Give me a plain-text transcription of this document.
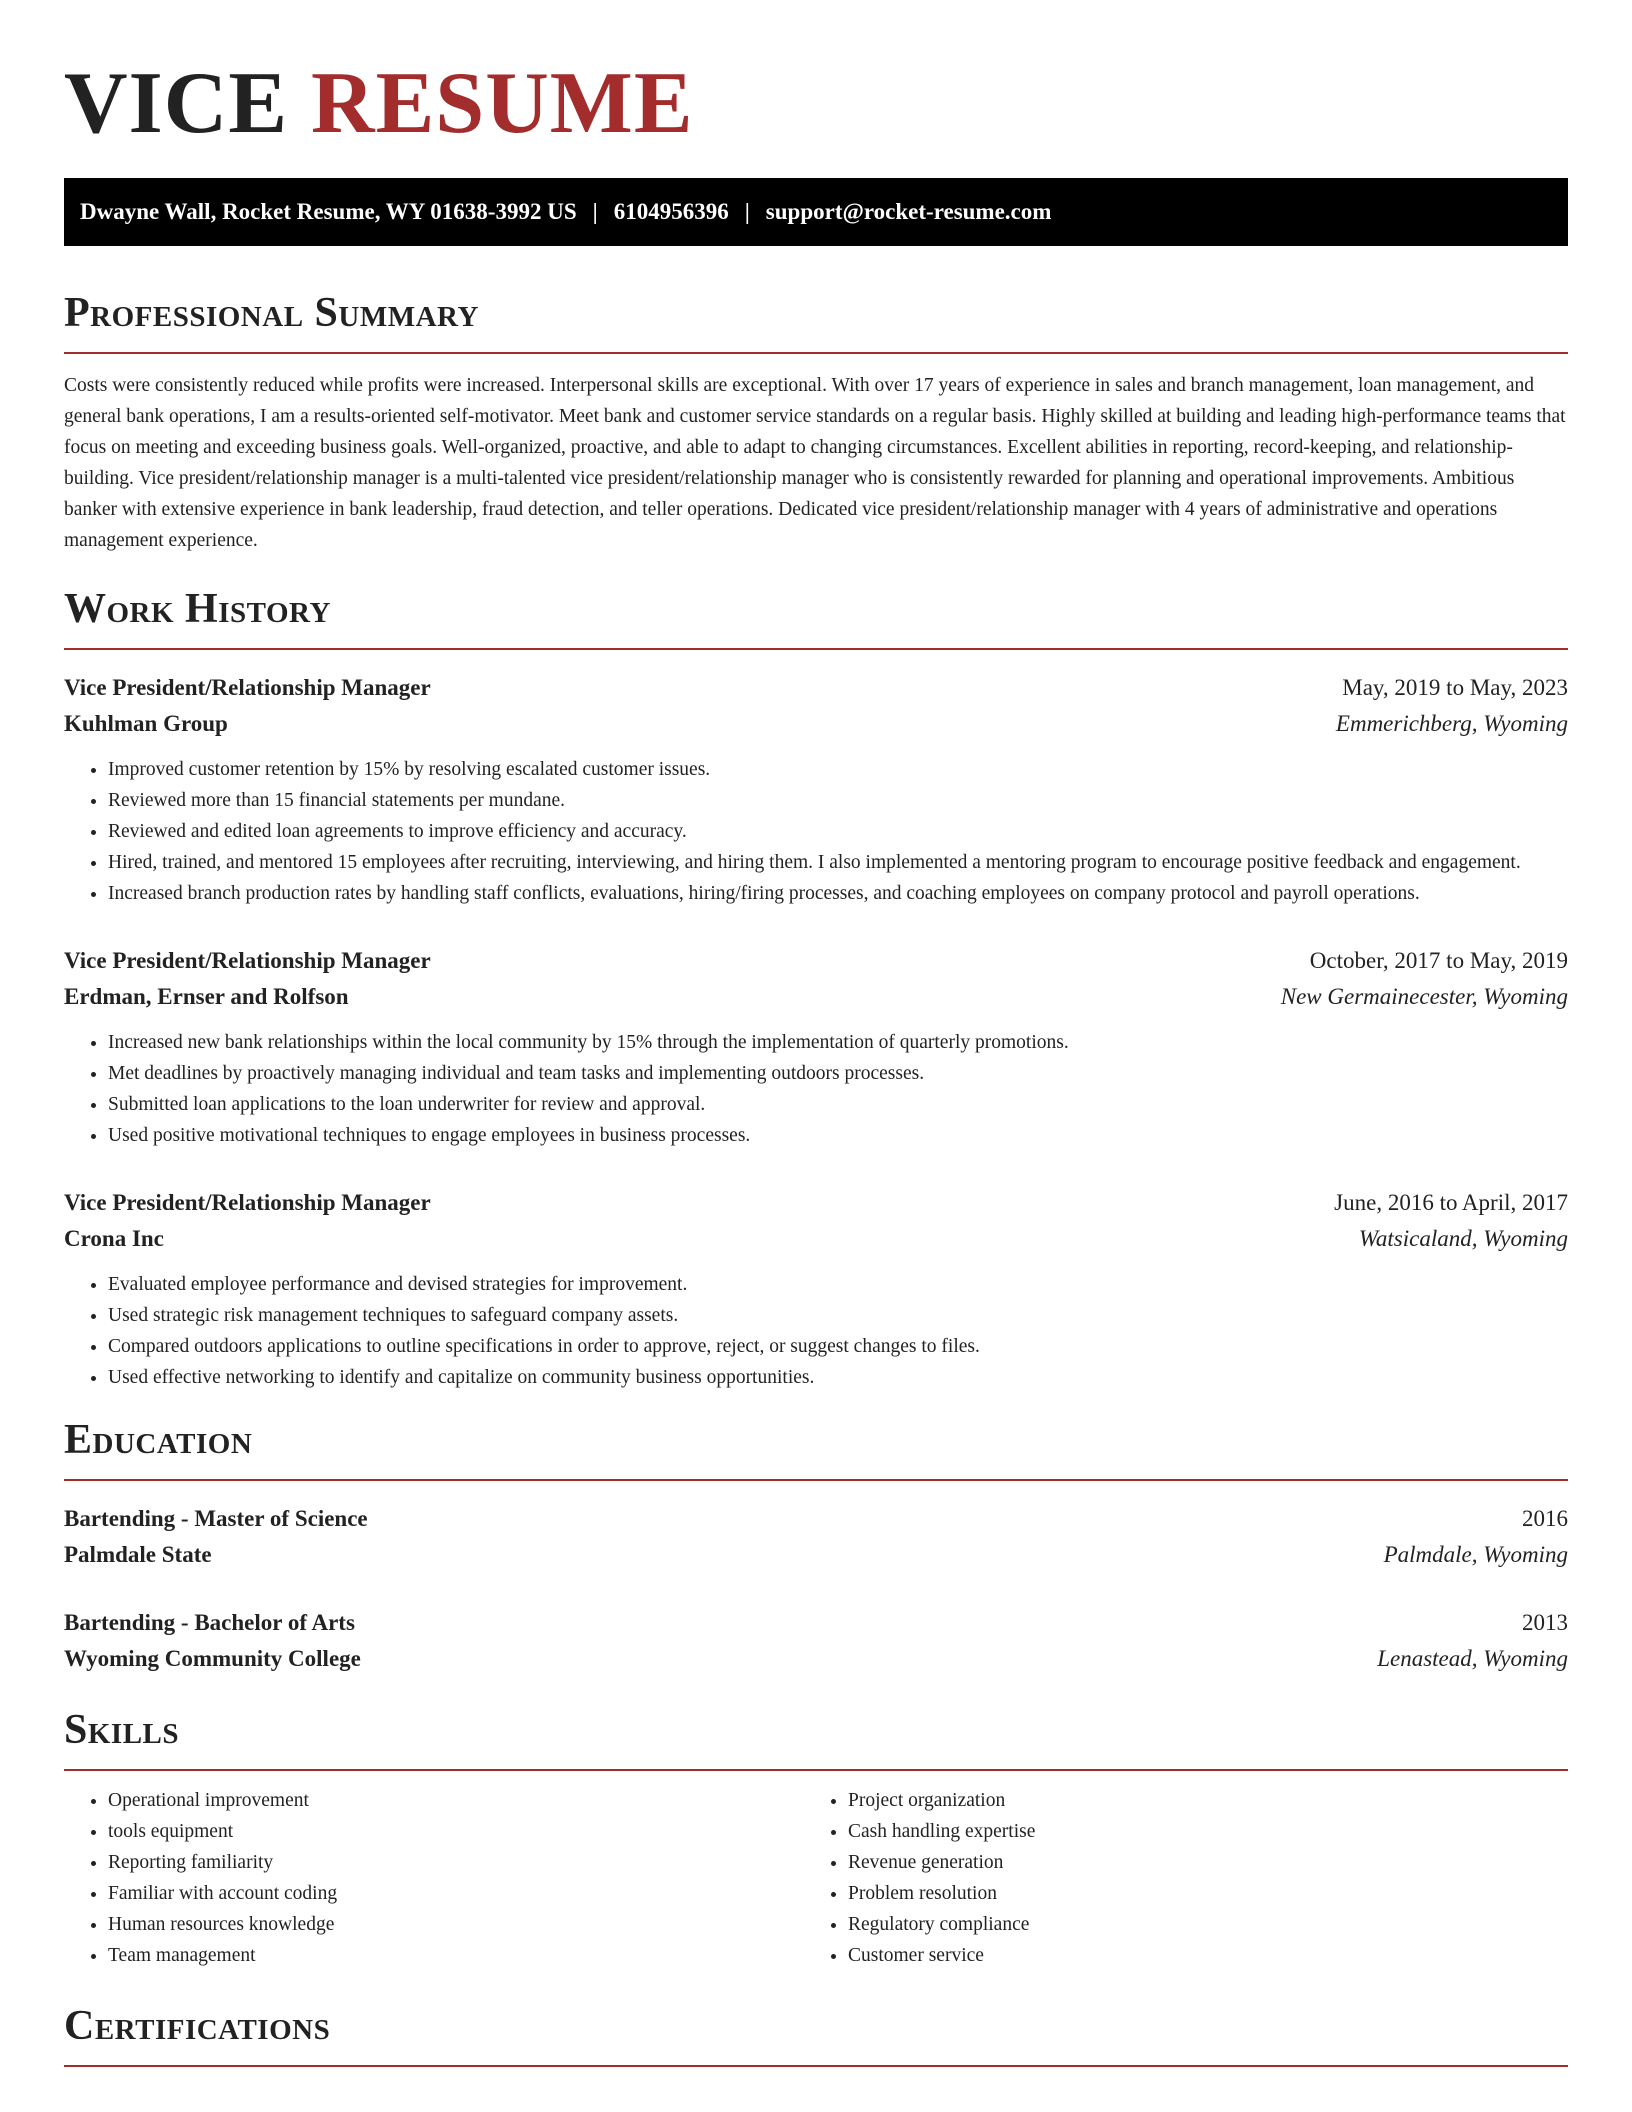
VICE RESUME
Dwayne Wall, Rocket Resume, WY 01638-3992 US | 6104956396 | support@rocket-resume.com
Professional Summary

Costs were consistently reduced while profits were increased. Interpersonal skills are exceptional. With over 17 years of experience in sales and branch management, loan management, and general bank operations, I am a results-oriented self-motivator. Meet bank and customer service standards on a regular basis. Highly skilled at building and leading high-performance teams that focus on meeting and exceeding business goals. Well-organized, proactive, and able to adapt to changing circumstances. Excellent abilities in reporting, record-keeping, and relationship-building. Vice president/relationship manager is a multi-talented vice president/relationship manager who is consistently rewarded for planning and operational improvements. Ambitious banker with extensive experience in bank leadership, fraud detection, and teller operations. Dedicated vice president/relationship manager with 4 years of administrative and operations management experience.

Work History
Vice President/Relationship Manager	May, 2019 to May, 2023
Kuhlman Group	Emmerichberg, Wyoming
• Improved customer retention by 15% by resolving escalated customer issues.
• Reviewed more than 15 financial statements per mundane.
• Reviewed and edited loan agreements to improve efficiency and accuracy.
• Hired, trained, and mentored 15 employees after recruiting, interviewing, and hiring them. I also implemented a mentoring program to encourage positive feedback and engagement.
• Increased branch production rates by handling staff conflicts, evaluations, hiring/firing processes, and coaching employees on company protocol and payroll operations.
Vice President/Relationship Manager	October, 2017 to May, 2019
Erdman, Ernser and Rolfson	New Germainecester, Wyoming
• Increased new bank relationships within the local community by 15% through the implementation of quarterly promotions.
• Met deadlines by proactively managing individual and team tasks and implementing outdoors processes.
• Submitted loan applications to the loan underwriter for review and approval.
• Used positive motivational techniques to engage employees in business processes.
Vice President/Relationship Manager	June, 2016 to April, 2017
Crona Inc	Watsicaland, Wyoming
• Evaluated employee performance and devised strategies for improvement.
• Used strategic risk management techniques to safeguard company assets.
• Compared outdoors applications to outline specifications in order to approve, reject, or suggest changes to files.
• Used effective networking to identify and capitalize on community business opportunities.
Education
Bartending - Master of Science	2016
Palmdale State	Palmdale, Wyoming
Bartending - Bachelor of Arts	2013
Wyoming Community College	Lenastead, Wyoming
Skills
• Operational improvement
• tools equipment
• Reporting familiarity
• Familiar with account coding
• Human resources knowledge
• Team management
• Project organization
• Cash handling expertise
• Revenue generation
• Problem resolution
• Regulatory compliance
• Customer service
Certifications
